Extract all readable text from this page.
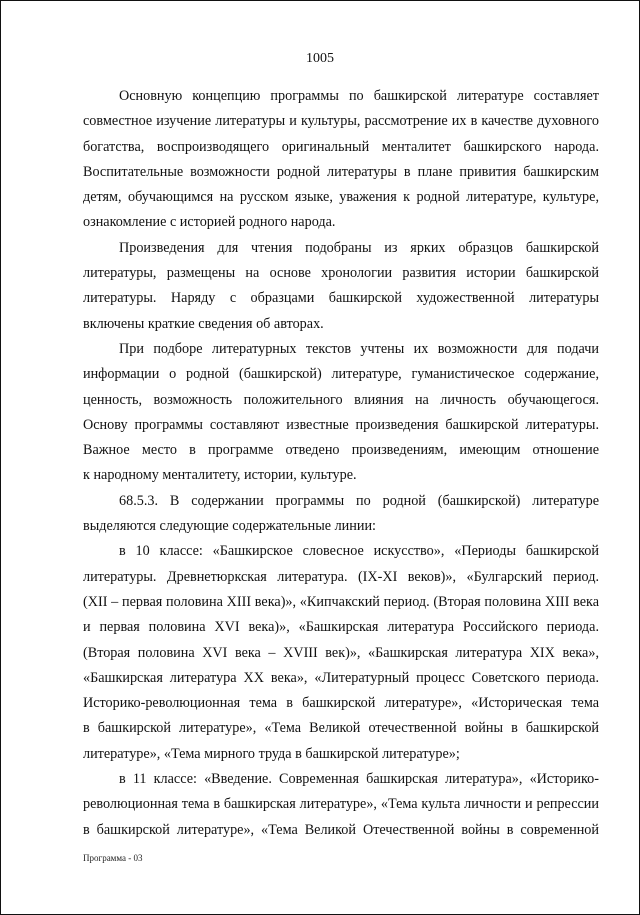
1005
Основную концепцию программы по башкирской литературе составляет
совместное изучение литературы и культуры, рассмотрение их в качестве духовного
богатства, воспроизводящего оригинальный менталитет башкирского народа.
Воспитательные возможности родной литературы в плане привития башкирским
детям, обучающимся на русском языке, уважения к родной литературе, культуре,
ознакомление с историей родного народа.
Произведения для чтения подобраны из ярких образцов башкирской
литературы, размещены на основе хронологии развития истории башкирской
литературы. Наряду с образцами башкирской художественной литературы
включены краткие сведения об авторах.
При подборе литературных текстов учтены их возможности для подачи
информации о родной (башкирской) литературе, гуманистическое содержание,
ценность, возможность положительного влияния на личность обучающегося.
Основу программы составляют известные произведения башкирской литературы.
Важное место в программе отведено произведениям, имеющим отношение
к народному менталитету, истории, культуре.
68.5.3. В содержании программы по родной (башкирской) литературе
выделяются следующие содержательные линии:
в 10 классе: «Башкирское словесное искусство», «Периоды башкирской
литературы. Древнетюркская литература. (IX-XI веков)», «Булгарский период.
(XII – первая половина XIII века)», «Кипчакский период. (Вторая половина XIII века
и первая половина XVI века)», «Башкирская литература Российского периода.
(Вторая половина XVI века – XVIII век)», «Башкирская литература XIX века»,
«Башкирская литература XX века», «Литературный процесс Советского периода.
Историко-революционная тема в башкирской литературе», «Историческая тема
в башкирской литературе», «Тема Великой отечественной войны в башкирской
литературе», «Тема мирного труда в башкирской литературе»;
в 11 классе: «Введение. Современная башкирская литература», «Историко-
революционная тема в башкирская литературе», «Тема культа личности и репрессии
в башкирской литературе», «Тема Великой Отечественной войны в современной
Программа - 03
